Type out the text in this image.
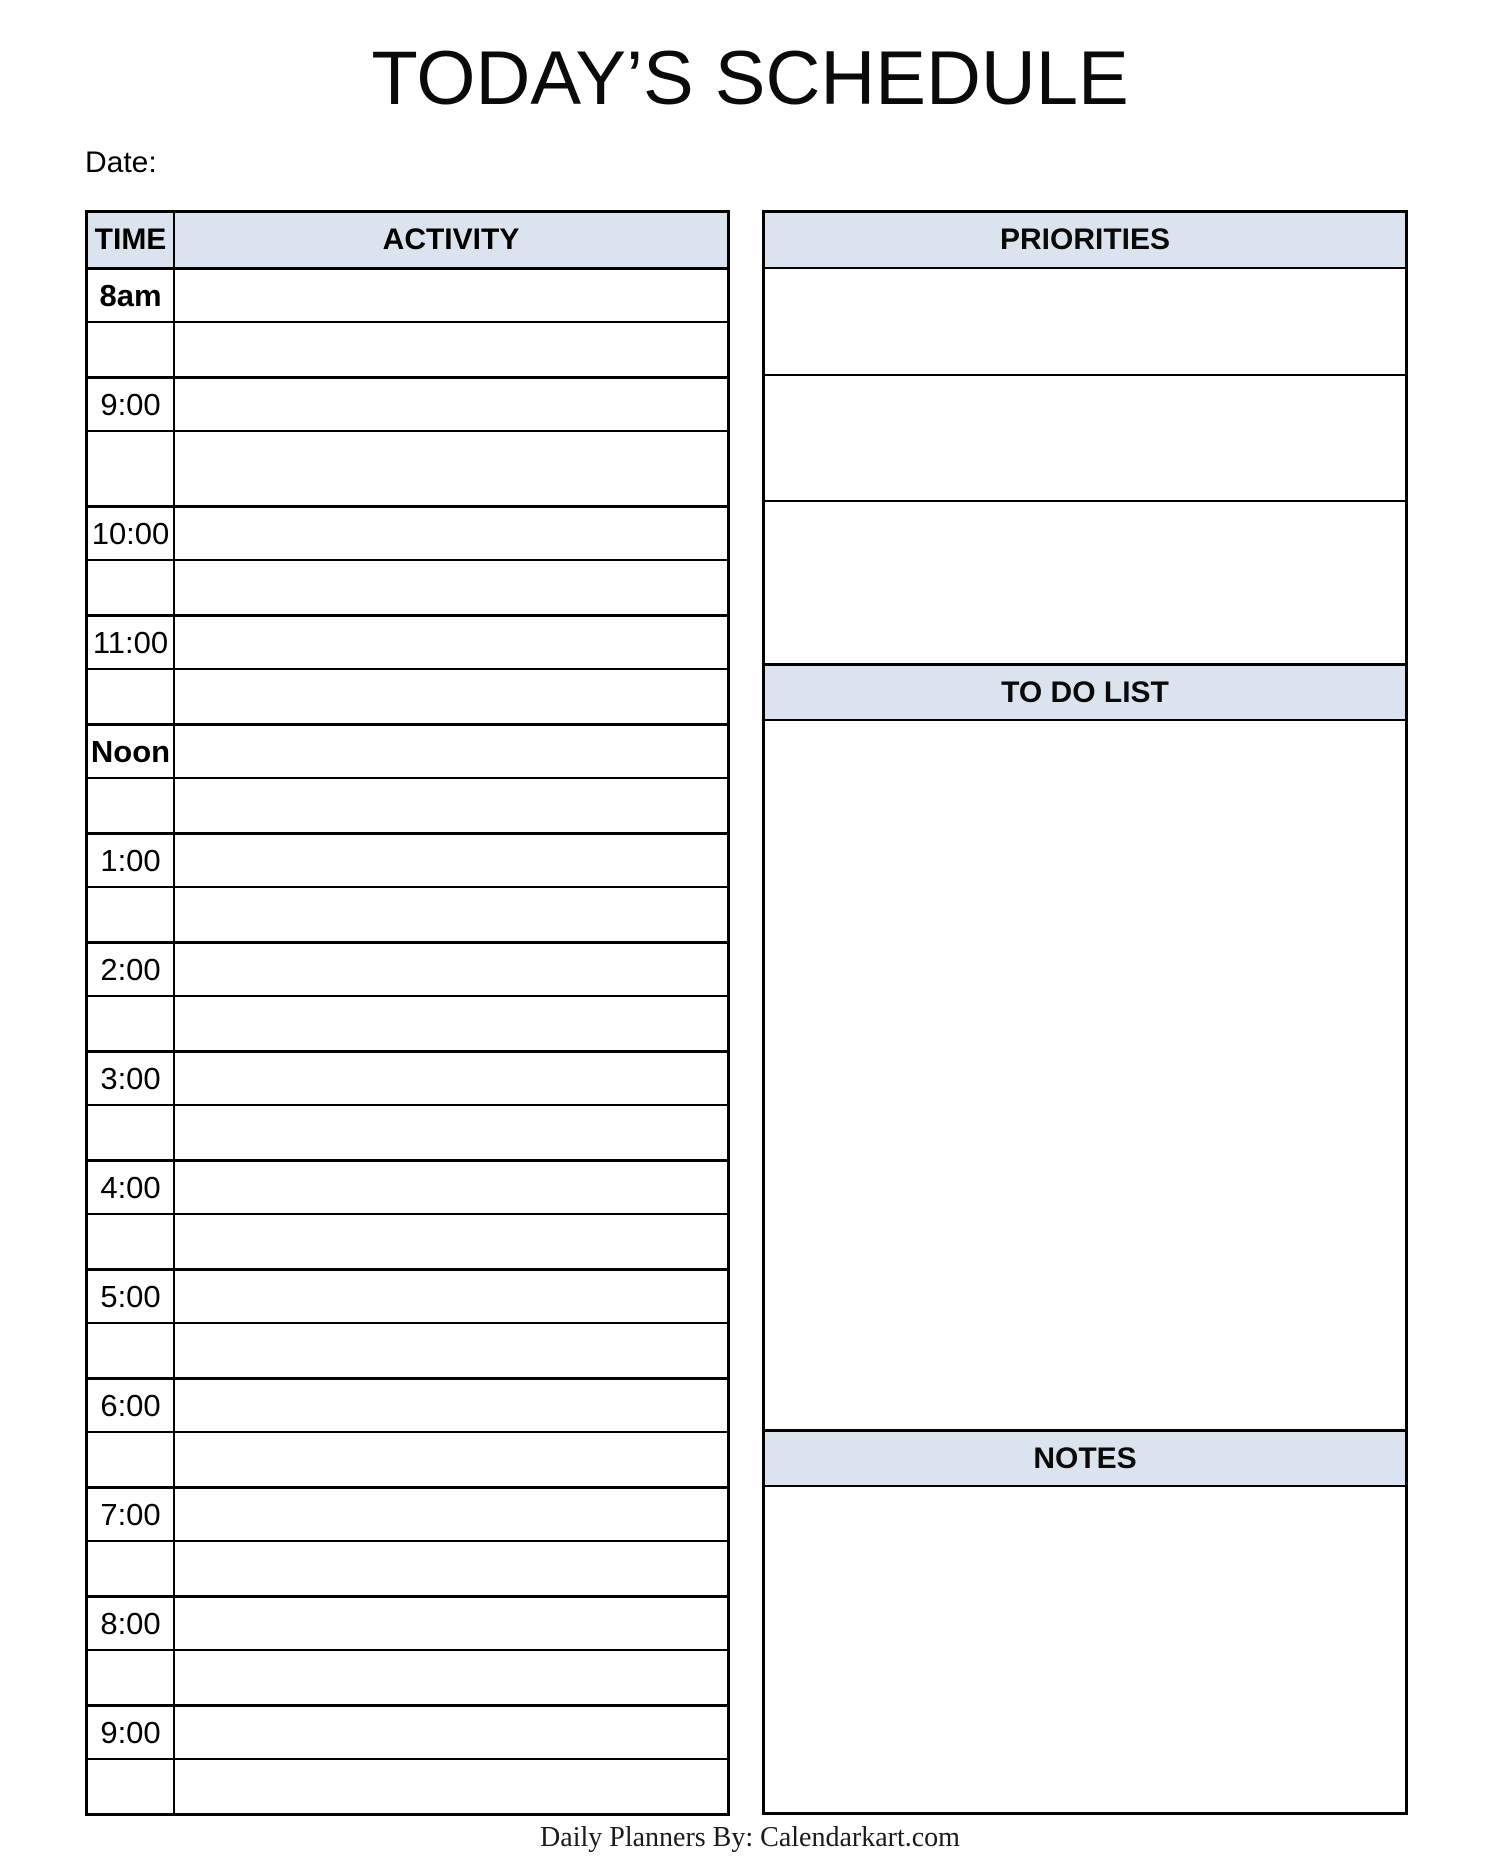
TODAY’S SCHEDULE
Date:
TIME	ACTIVITY
8am
9:00
10:00
11:00
Noon
1:00
2:00
3:00
4:00
5:00
6:00
7:00
8:00
9:00
PRIORITIES
TO DO LIST
NOTES
Daily Planners By: Calendarkart.com
